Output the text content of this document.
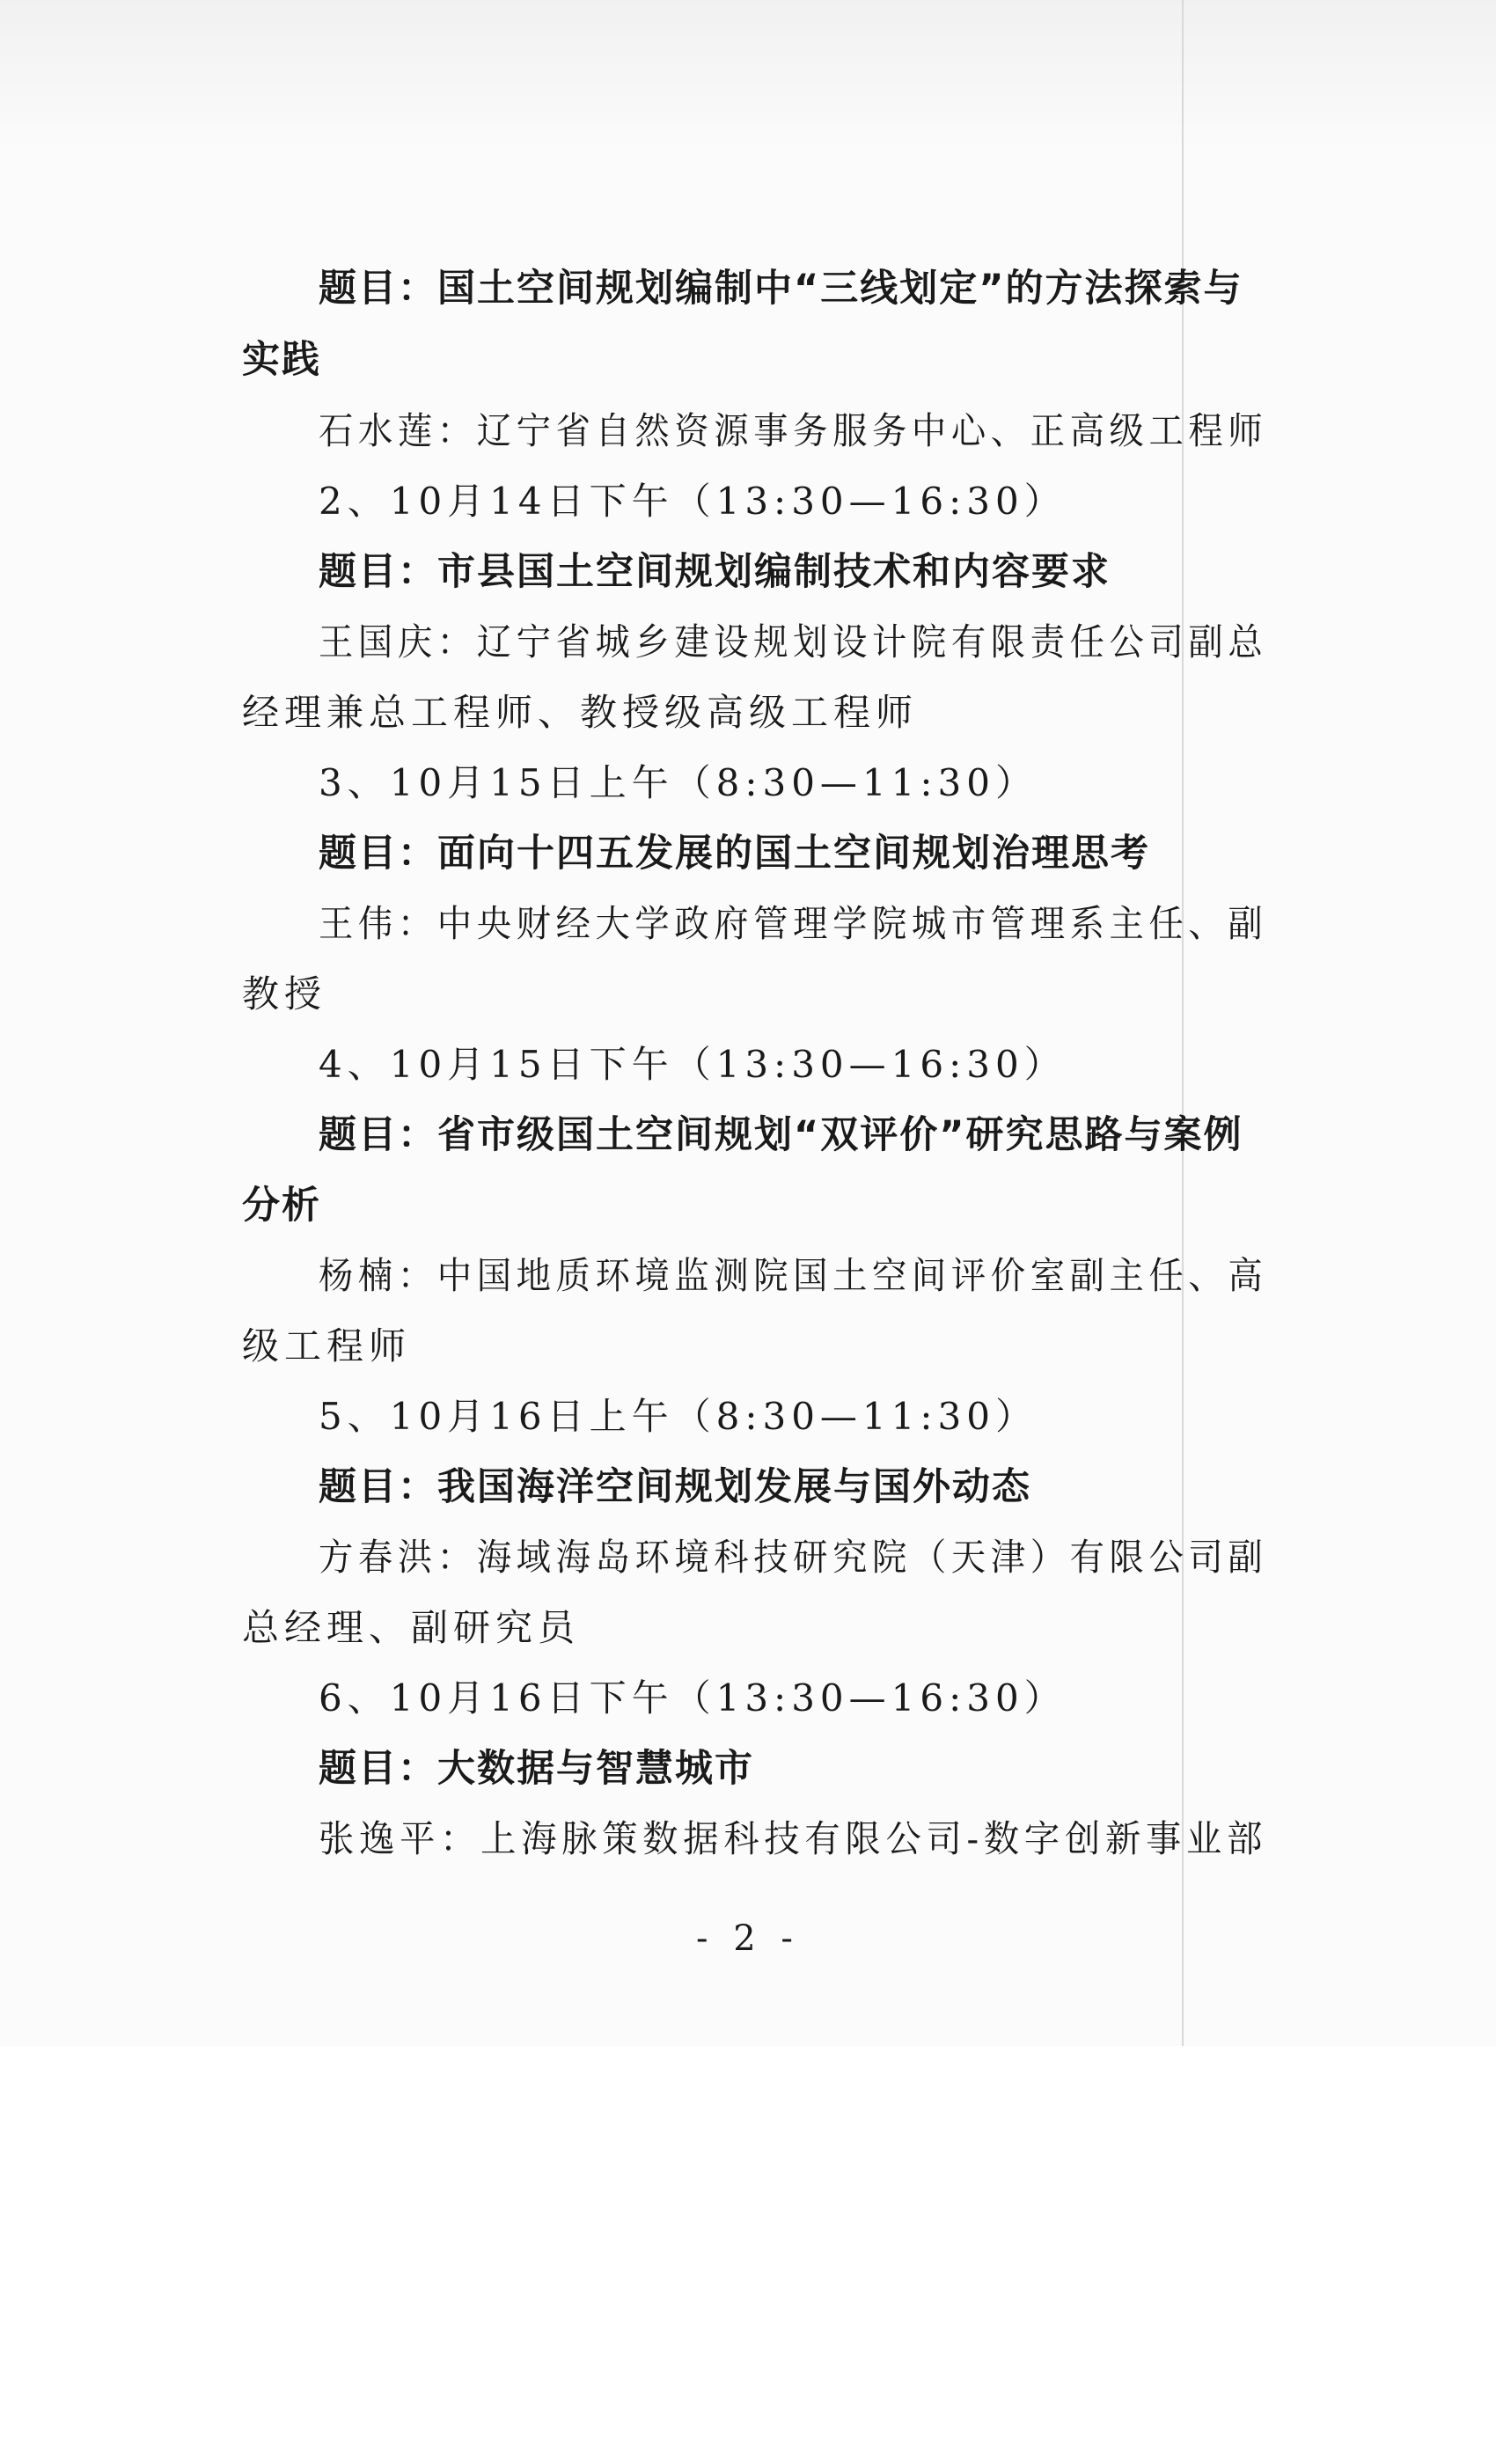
题目：国土空间规划编制中“三线划定”的方法探索与
实践
石水莲：辽宁省自然资源事务服务中心、正高级工程师
2、10月14日下午（13:30—16:30）
题目：市县国土空间规划编制技术和内容要求
王国庆：辽宁省城乡建设规划设计院有限责任公司副总
经理兼总工程师、教授级高级工程师
3、10月15日上午（8:30—11:30）
题目：面向十四五发展的国土空间规划治理思考
王伟：中央财经大学政府管理学院城市管理系主任、副
教授
4、10月15日下午（13:30—16:30）
题目：省市级国土空间规划“双评价”研究思路与案例
分析
杨楠：中国地质环境监测院国土空间评价室副主任、高
级工程师
5、10月16日上午（8:30—11:30）
题目：我国海洋空间规划发展与国外动态
方春洪：海域海岛环境科技研究院（天津）有限公司副
总经理、副研究员
6、10月16日下午（13:30—16:30）
题目：大数据与智慧城市
张逸平：上海脉策数据科技有限公司-数字创新事业部
- 2 -
